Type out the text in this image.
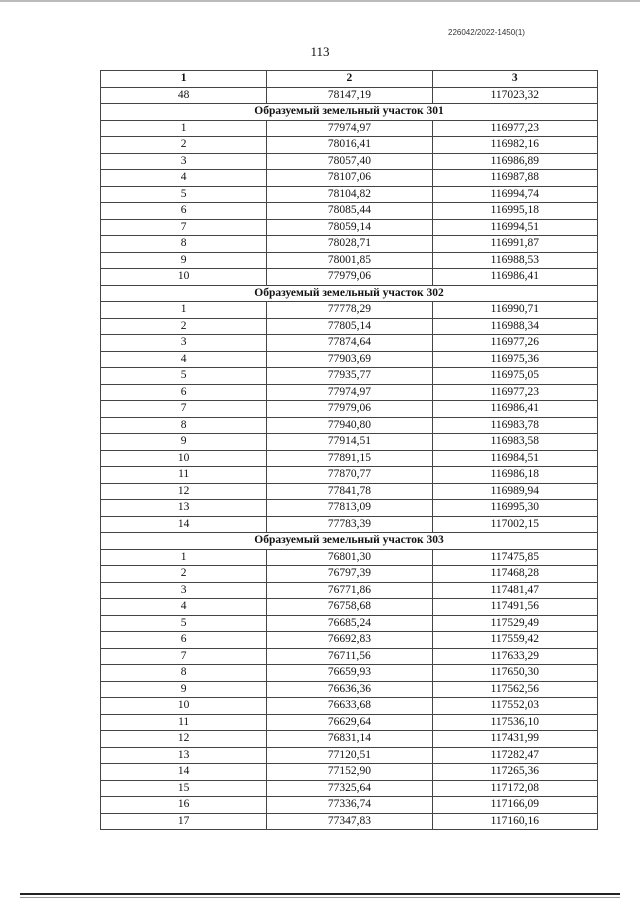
226042/2022-1450(1)
113
1	2	3
48	78147,19	117023,32
Образуемый земельный участок 301		
1	77974,97	116977,23
2	78016,41	116982,16
3	78057,40	116986,89
4	78107,06	116987,88
5	78104,82	116994,74
6	78085,44	116995,18
7	78059,14	116994,51
8	78028,71	116991,87
9	78001,85	116988,53
10	77979,06	116986,41
Образуемый земельный участок 302		
1	77778,29	116990,71
2	77805,14	116988,34
3	77874,64	116977,26
4	77903,69	116975,36
5	77935,77	116975,05
6	77974,97	116977,23
7	77979,06	116986,41
8	77940,80	116983,78
9	77914,51	116983,58
10	77891,15	116984,51
11	77870,77	116986,18
12	77841,78	116989,94
13	77813,09	116995,30
14	77783,39	117002,15
Образуемый земельный участок 303		
1	76801,30	117475,85
2	76797,39	117468,28
3	76771,86	117481,47
4	76758,68	117491,56
5	76685,24	117529,49
6	76692,83	117559,42
7	76711,56	117633,29
8	76659,93	117650,30
9	76636,36	117562,56
10	76633,68	117552,03
11	76629,64	117536,10
12	76831,14	117431,99
13	77120,51	117282,47
14	77152,90	117265,36
15	77325,64	117172,08
16	77336,74	117166,09
17	77347,83	117160,16
